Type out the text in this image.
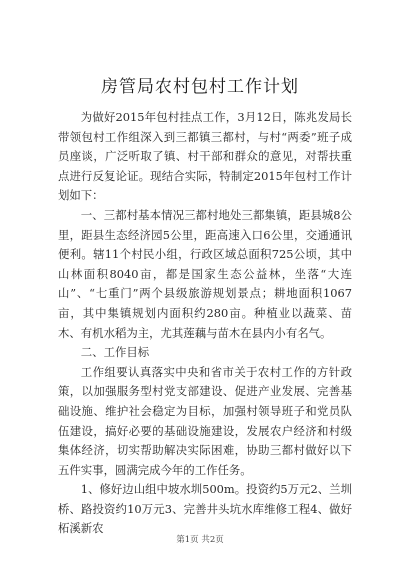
房管局农村包村工作计划

为做好2015年包村挂点工作，3月12日，陈兆发局长带领包村工作组深入到三都镇三都村，与村“两委”班子成员座谈，广泛听取了镇、村干部和群众的意见，对帮扶重点进行反复论证。现结合实际，特制定2015年包村工作计划如下：

一、三都村基本情况三都村地处三都集镇，距县城8公里，距县生态经济园5公里，距高速入口6公里，交通通讯便利。辖11个村民小组，行政区域总面积725公顷，其中山林面积8040亩，都是国家生态公益林，坐落“大连山”、“七重门”两个县级旅游规划景点；耕地面积1067亩，其中集镇规划内面积约280亩。种植业以蔬菜、苗木、有机水稻为主，尤其莲藕与苗木在县内小有名气。

二、工作目标

工作组要认真落实中央和省市关于农村工作的方针政策，以加强服务型村党支部建设、促进产业发展、完善基础设施、维护社会稳定为目标，加强村领导班子和党员队伍建设，搞好必要的基础设施建设，发展农户经济和村级集体经济，切实帮助解决实际困难，协助三都村做好以下五件实事，圆满完成今年的工作任务。

1、修好边山组中坡水圳500m。投资约5万元2、兰圳桥、路投资约10万元3、完善井头坑水库维修工程4、做好柘溪新农

第1页 共2页
